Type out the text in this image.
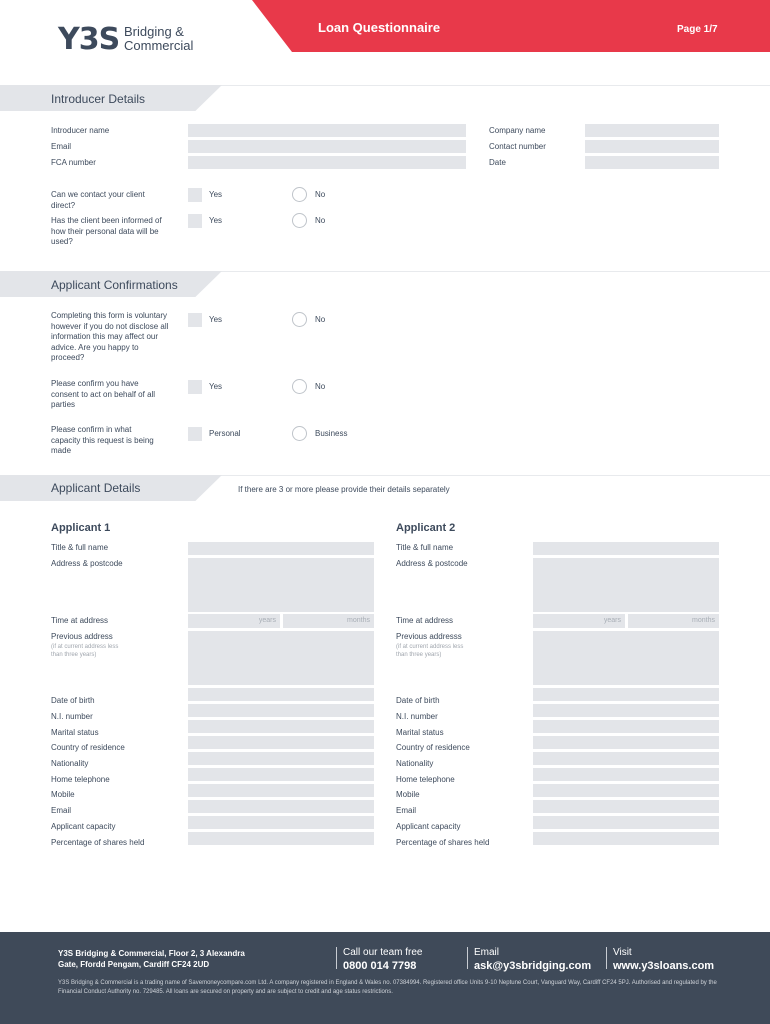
Y3S Bridging &
Commercial
Loan Questionnaire	Page 1/7
Introducer Details
Introducer name
Email
FCA number
Company name
Contact number
Date
Can we contact your client direct?
Yes	No
Has the client been informed of how their personal data will be used?
Yes	No
Applicant Confirmations
Completing this form is voluntary however if you do not disclose all information this may affect our advice. Are you happy to proceed?
Yes	No
Please confirm you have consent to act on behalf of all parties
Yes	No
Please confirm in what capacity this request is being made
Personal	Business
Applicant Details	If there are 3 or more please provide their details separately
Applicant 1
Title & full name
Address & postcode
Time at address	years	months
Previous address
(if at current address less than three years)
Date of birth
N.I. number
Marital status
Country of residence
Nationality
Home telephone
Mobile
Email
Applicant capacity
Percentage of shares held
Applicant 2
Title & full name
Address & postcode
Time at address	years	months
Previous addresss
(if at current address less than three years)
Date of birth
N.I. number
Marital status
Country of residence
Nationality
Home telephone
Mobile
Email
Applicant capacity
Percentage of shares held
Y3S Bridging & Commercial, Floor 2, 3 Alexandra
Gate, Ffordd Pengam, Cardiff CF24 2UD
Call our team free
0800 014 7798
Email
ask@y3sbridging.com
Visit
www.y3sloans.com
Y3S Bridging & Commercial is a trading name of Savemoneycompare.com Ltd. A company registered in England & Wales no. 07384994. Registered office Units 9-10 Neptune Court, Vanguard Way, Cardiff CF24 5PJ. Authorised and regulated by the Financial Conduct Authority no. 729485. All loans are secured on property and are subject to credit and age status restrictions.
